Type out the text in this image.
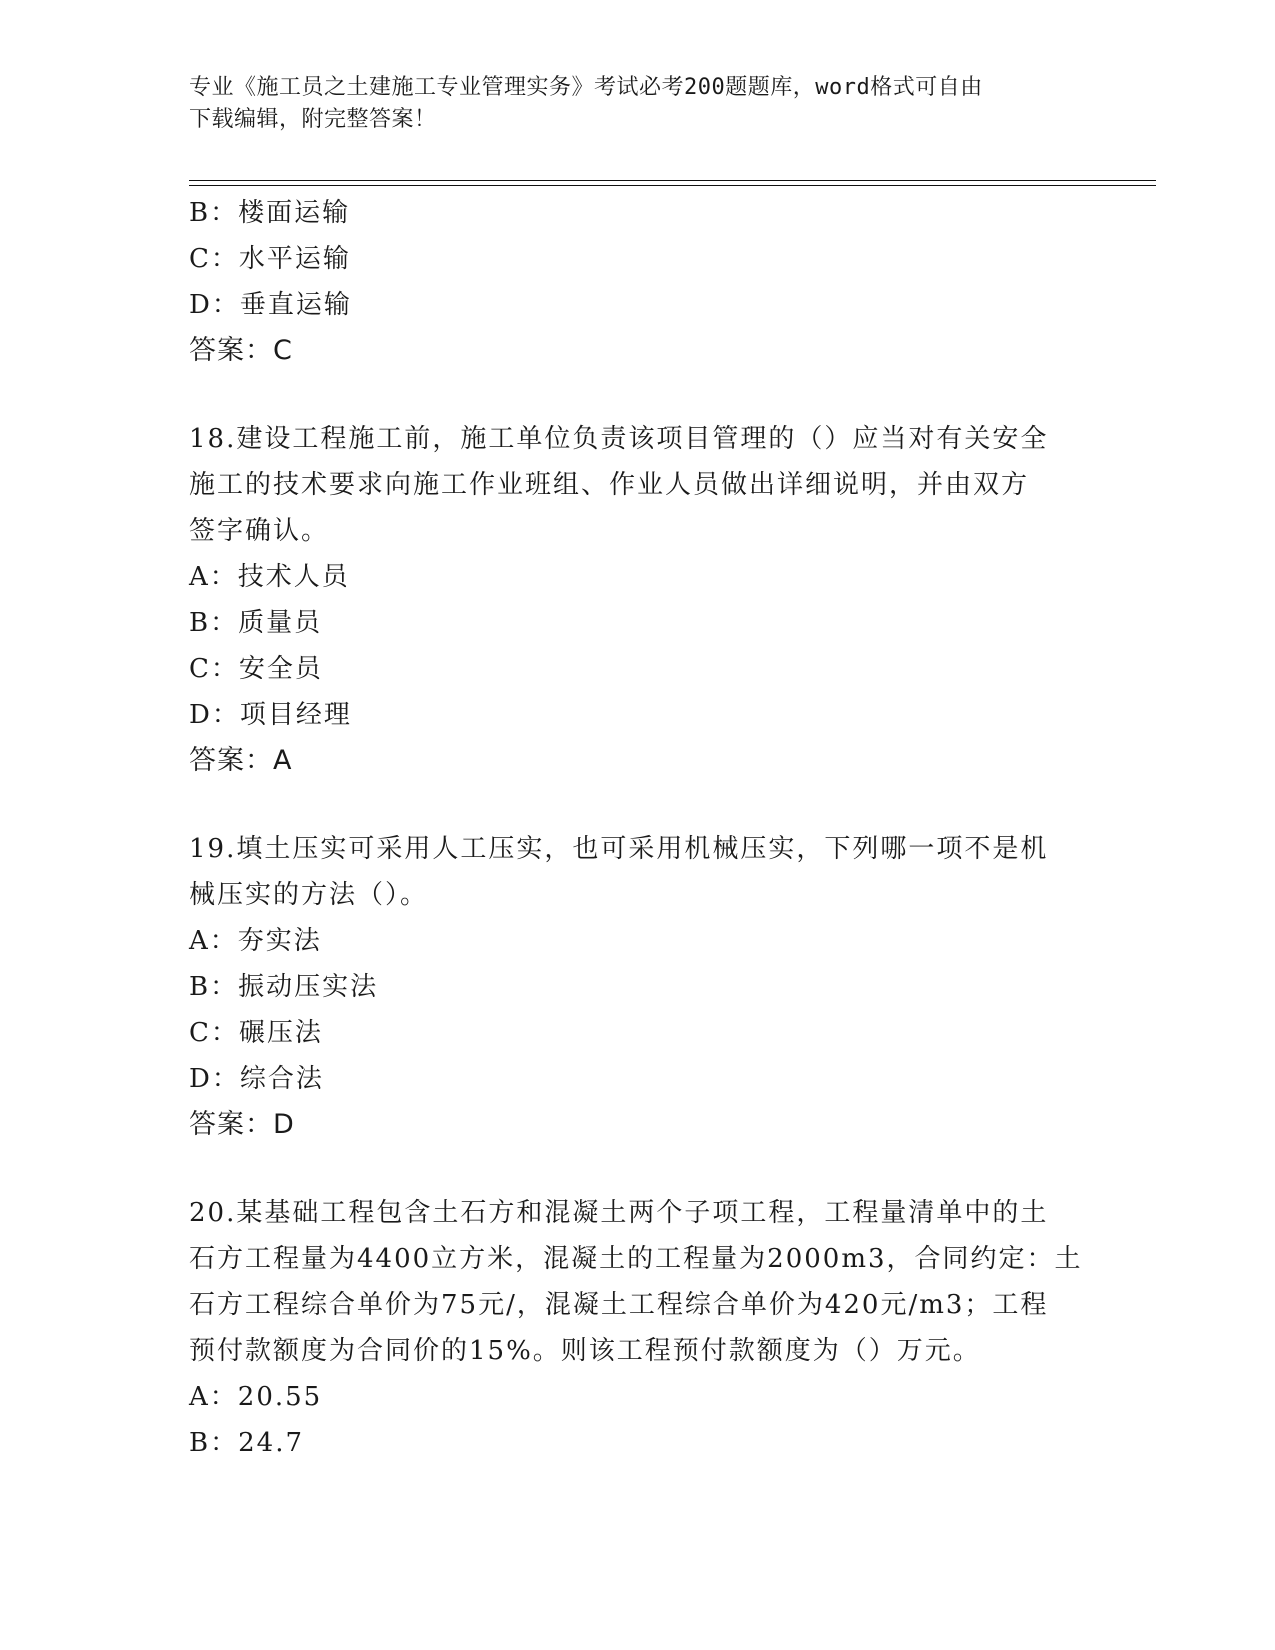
专业《施工员之土建施工专业管理实务》考试必考200题题库，word格式可自由
下载编辑，附完整答案！
B：楼面运输
C：水平运输
D：垂直运输
答案：C
18.建设工程施工前，施工单位负责该项目管理的（）应当对有关安全
施工的技术要求向施工作业班组、作业人员做出详细说明，并由双方
签字确认。
A：技术人员
B：质量员
C：安全员
D：项目经理
答案：A
19.填土压实可采用人工压实，也可采用机械压实，下列哪一项不是机
械压实的方法（）。
A：夯实法
B：振动压实法
C：碾压法
D：综合法
答案：D
20.某基础工程包含土石方和混凝土两个子项工程，工程量清单中的土
石方工程量为4400立方米，混凝土的工程量为2000m3，合同约定：土
石方工程综合单价为75元/，混凝土工程综合单价为420元/m3；工程
预付款额度为合同价的15%。则该工程预付款额度为（）万元。
A：20.55
B：24.7
